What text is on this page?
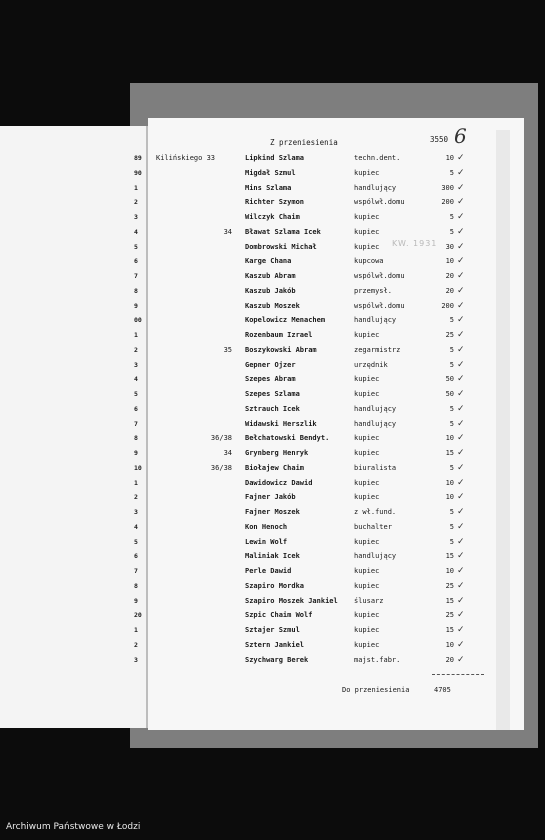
Z przeniesienia	3550 6
KW. 1931
89 Kilińskiego 33	Lipkind Szlama	techn.dent.	10 ✓
90	Migdał Szmul	kupiec	5 ✓
1	Mins Szlama	handlujący	300 ✓
2	Richter Szymon	wspólwł.domu	200 ✓
3	Wilczyk Chaim	kupiec	5 ✓
4	34 Bławat Szlama Icek	kupiec	5 ✓
5	Dombrowski Michał	kupiec	30 ✓
6	Karge Chana	kupcowa	10 ✓
7	Kaszub Abram	wspólwł.domu	20 ✓
8	Kaszub Jakób	przemysł.	20 ✓
9	Kaszub Moszek	wspólwł.domu	200 ✓
00	Kopelowicz Menachem	handlujący	5 ✓
1	Rozenbaum Izrael	kupiec	25 ✓
2	35 Boszykowski Abram	zegarmistrz	5 ✓
3	Gepner Ojzer	urzędnik	5 ✓
4	Szepes Abram	kupiec	50 ✓
5	Szepes Szlama	kupiec	50 ✓
6	Sztrauch Icek	handlujący	5 ✓
7	Widawski Herszlik	handlujący	5 ✓
8	36/38 Bełchatowski Bendyt.	kupiec	10 ✓
9	34 Grynberg Henryk	kupiec	15 ✓
10	36/38 Biołajew Chaim	biuralista	5 ✓
1	Dawidowicz Dawid	kupiec	10 ✓
2	Fajner Jakób	kupiec	10 ✓
3	Fajner Moszek	z wł.fund.	5 ✓
4	Kon Henoch	buchalter	5 ✓
5	Lewin Wolf	kupiec	5 ✓
6	Maliniak Icek	handlujący	15 ✓
7	Perle Dawid	kupiec	10 ✓
8	Szapiro Mordka	kupiec	25 ✓
9	Szapiro Moszek Jankiel ślusarz	15 ✓
20	Szpic Chaim Wolf	kupiec	25 ✓
1	Sztajer Szmul	kupiec	15 ✓
2	Sztern Jankiel	kupiec	10 ✓
3	Szychwarg Berek	majst.fabr.	20 ✓
Do przeniesienia	4705
Archiwum Państwowe w Łodzi
